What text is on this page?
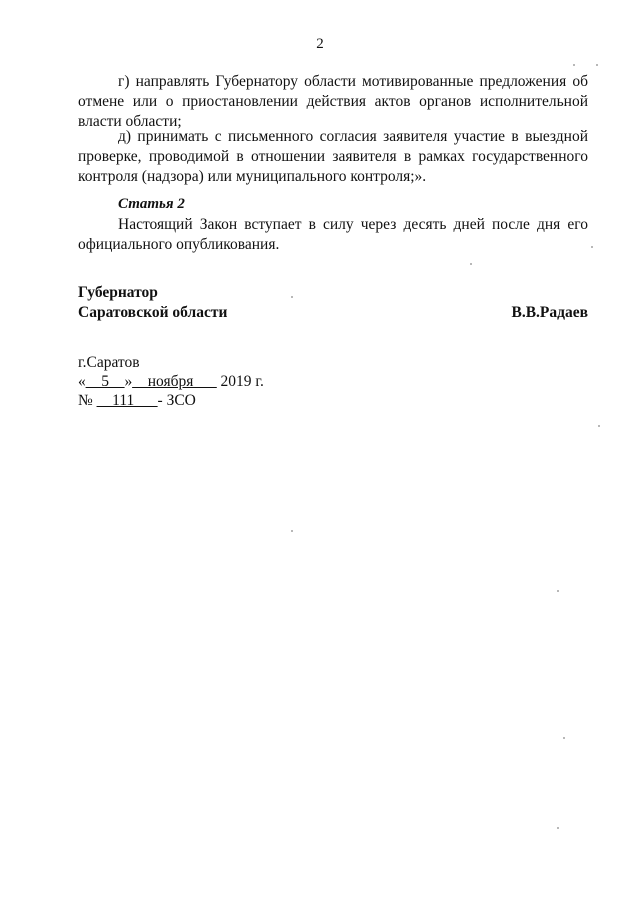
2

г) направлять Губернатору области мотивированные предложения об отмене или о приостановлении действия актов органов исполнительной власти области;

д) принимать с письменного согласия заявителя участие в выездной проверке, проводимой в отношении заявителя в рамках государственного контроля (надзора) или муниципального контроля;».

Статья 2

Настоящий Закон вступает в силу через десять дней после дня его официального опубликования.

Губернатор
Саратовской области	В.В.Радаев
г.Саратов
«__5__»__ноября___ 2019 г.
№ __111___- ЗСО
